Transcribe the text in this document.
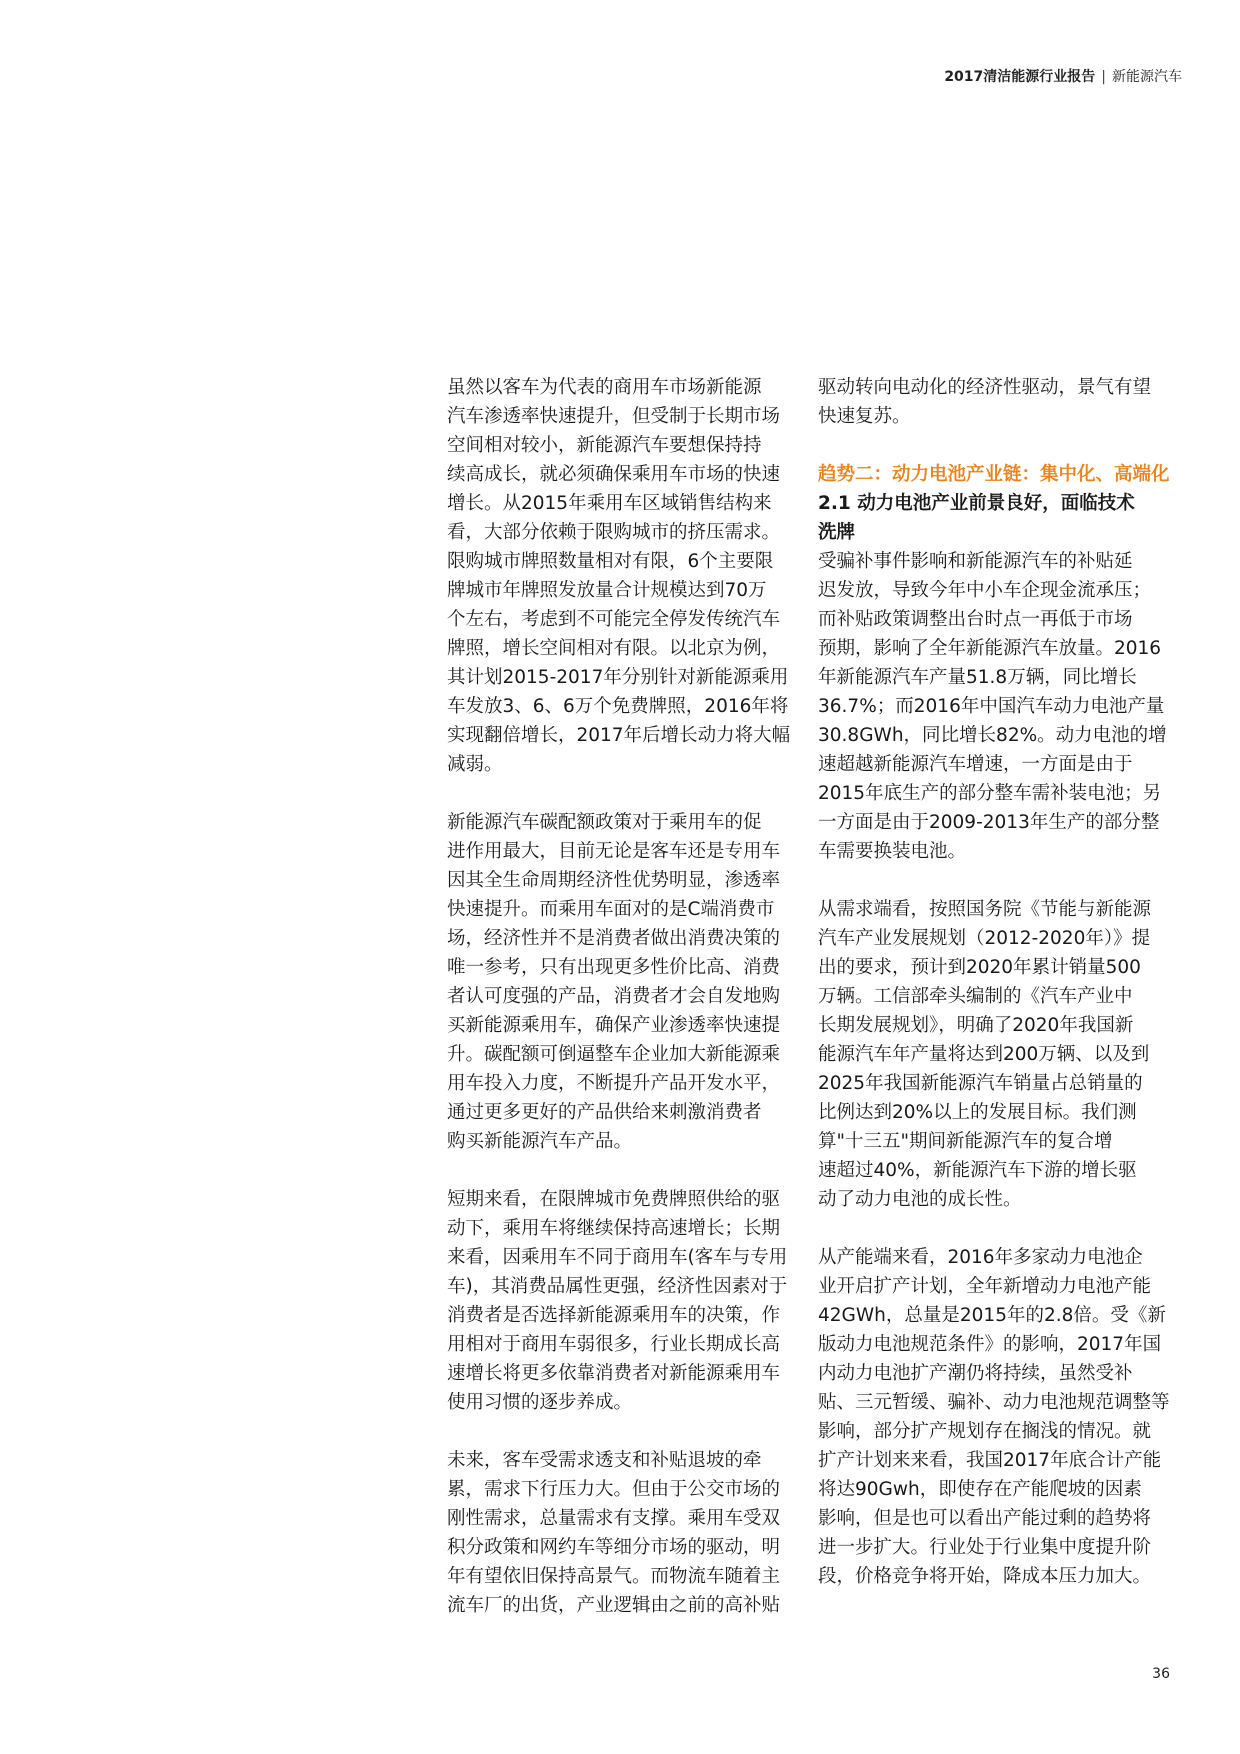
2017清洁能源行业报告 | 新能源汽车
虽然以客车为代表的商用车市场新能源
汽车渗透率快速提升，但受制于长期市场
空间相对较小，新能源汽车要想保持持
续高成长，就必须确保乘用车市场的快速
增长。从2015年乘用车区域销售结构来
看，大部分依赖于限购城市的挤压需求。
限购城市牌照数量相对有限，6个主要限
牌城市年牌照发放量合计规模达到70万
个左右，考虑到不可能完全停发传统汽车
牌照，增长空间相对有限。以北京为例，
其计划2015-2017年分别针对新能源乘用
车发放3、6、6万个免费牌照，2016年将
实现翻倍增长，2017年后增长动力将大幅
减弱。
新能源汽车碳配额政策对于乘用车的促
进作用最大，目前无论是客车还是专用车
因其全生命周期经济性优势明显，渗透率
快速提升。而乘用车面对的是C端消费市
场，经济性并不是消费者做出消费决策的
唯一参考，只有出现更多性价比高、消费
者认可度强的产品，消费者才会自发地购
买新能源乘用车，确保产业渗透率快速提
升。碳配额可倒逼整车企业加大新能源乘
用车投入力度，不断提升产品开发水平，
通过更多更好的产品供给来刺激消费者
购买新能源汽车产品。
短期来看，在限牌城市免费牌照供给的驱
动下，乘用车将继续保持高速增长；长期
来看，因乘用车不同于商用车(客车与专用
车)，其消费品属性更强，经济性因素对于
消费者是否选择新能源乘用车的决策，作
用相对于商用车弱很多，行业长期成长高
速增长将更多依靠消费者对新能源乘用车
使用习惯的逐步养成。
未来，客车受需求透支和补贴退坡的牵
累，需求下行压力大。但由于公交市场的
刚性需求，总量需求有支撑。乘用车受双
积分政策和网约车等细分市场的驱动，明
年有望依旧保持高景气。而物流车随着主
流车厂的出货，产业逻辑由之前的高补贴
驱动转向电动化的经济性驱动，景气有望
快速复苏。
趋势二：动力电池产业链：集中化、高端化
2.1 动力电池产业前景良好，面临技术
洗牌
受骗补事件影响和新能源汽车的补贴延
迟发放，导致今年中小车企现金流承压；
而补贴政策调整出台时点一再低于市场
预期，影响了全年新能源汽车放量。2016
年新能源汽车产量51.8万辆，同比增长
36.7%；而2016年中国汽车动力电池产量
30.8GWh，同比增长82%。动力电池的增
速超越新能源汽车增速，一方面是由于
2015年底生产的部分整车需补装电池；另
一方面是由于2009-2013年生产的部分整
车需要换装电池。
从需求端看，按照国务院《节能与新能源
汽车产业发展规划（2012-2020年）》提
出的要求，预计到2020年累计销量500
万辆。工信部牵头编制的《汽车产业中
长期发展规划》，明确了2020年我国新
能源汽车年产量将达到200万辆、以及到
2025年我国新能源汽车销量占总销量的
比例达到20%以上的发展目标。我们测
算"十三五"期间新能源汽车的复合增
速超过40%，新能源汽车下游的增长驱
动了动力电池的成长性。
从产能端来看，2016年多家动力电池企
业开启扩产计划，全年新增动力电池产能
42GWh，总量是2015年的2.8倍。受《新
版动力电池规范条件》的影响，2017年国
内动力电池扩产潮仍将持续，虽然受补
贴、三元暂缓、骗补、动力电池规范调整等
影响，部分扩产规划存在搁浅的情况。就
扩产计划来来看，我国2017年底合计产能
将达90Gwh，即使存在产能爬坡的因素
影响，但是也可以看出产能过剩的趋势将
进一步扩大。行业处于行业集中度提升阶
段，价格竞争将开始，降成本压力加大。
36
